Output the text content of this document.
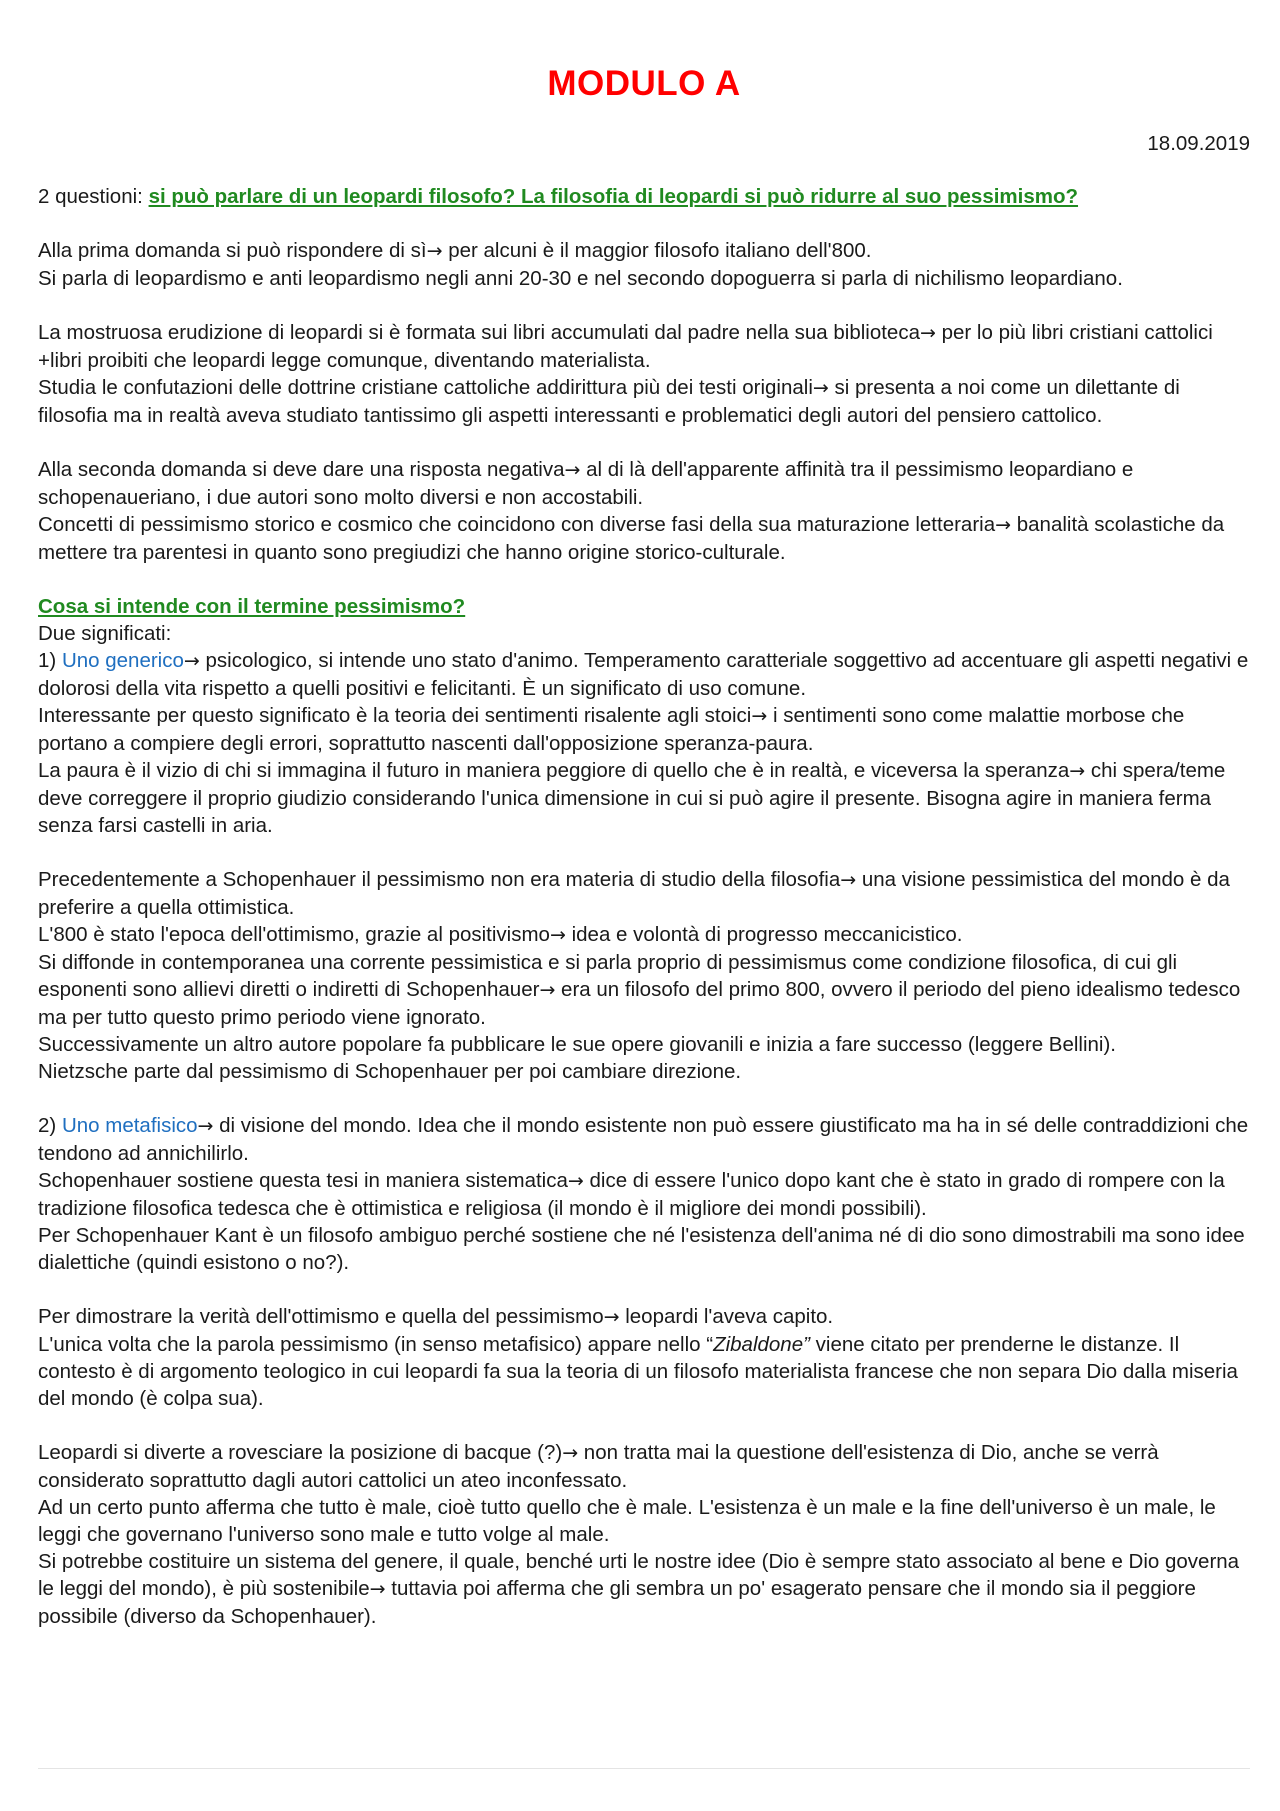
MODULO A
18.09.2019

2 questioni: si può parlare di un leopardi filosofo? La filosofia di leopardi si può ridurre al suo pessimismo?

Alla prima domanda si può rispondere di sì→ per alcuni è il maggior filosofo italiano dell'800.

Si parla di leopardismo e anti leopardismo negli anni 20-30 e nel secondo dopoguerra si parla di nichilismo leopardiano.

La mostruosa erudizione di leopardi si è formata sui libri accumulati dal padre nella sua biblioteca→ per lo più libri cristiani cattolici +libri proibiti che leopardi legge comunque, diventando materialista.

Studia le confutazioni delle dottrine cristiane cattoliche addirittura più dei testi originali→ si presenta a noi come un dilettante di filosofia ma in realtà aveva studiato tantissimo gli aspetti interessanti e problematici degli autori del pensiero cattolico.

Alla seconda domanda si deve dare una risposta negativa→ al di là dell'apparente affinità tra il pessimismo leopardiano e schopenaueriano, i due autori sono molto diversi e non accostabili.

Concetti di pessimismo storico e cosmico che coincidono con diverse fasi della sua maturazione letteraria→ banalità scolastiche da mettere tra parentesi in quanto sono pregiudizi che hanno origine storico-culturale.

Cosa si intende con il termine pessimismo?

Due significati:

1) Uno generico→ psicologico, si intende uno stato d'animo. Temperamento caratteriale soggettivo ad accentuare gli aspetti negativi e dolorosi della vita rispetto a quelli positivi e felicitanti. È un significato di uso comune.

Interessante per questo significato è la teoria dei sentimenti risalente agli stoici→ i sentimenti sono come malattie morbose che portano a compiere degli errori, soprattutto nascenti dall'opposizione speranza-paura.

La paura è il vizio di chi si immagina il futuro in maniera peggiore di quello che è in realtà, e viceversa la speranza→ chi spera/teme deve correggere il proprio giudizio considerando l'unica dimensione in cui si può agire il presente. Bisogna agire in maniera ferma senza farsi castelli in aria.

Precedentemente a Schopenhauer il pessimismo non era materia di studio della filosofia→ una visione pessimistica del mondo è da preferire a quella ottimistica.

L'800 è stato l'epoca dell'ottimismo, grazie al positivismo→ idea e volontà di progresso meccanicistico.

Si diffonde in contemporanea una corrente pessimistica e si parla proprio di pessimismus come condizione filosofica, di cui gli esponenti sono allievi diretti o indiretti di Schopenhauer→ era un filosofo del primo 800, ovvero il periodo del pieno idealismo tedesco ma per tutto questo primo periodo viene ignorato.

Successivamente un altro autore popolare fa pubblicare le sue opere giovanili e inizia a fare successo (leggere Bellini).

Nietzsche parte dal pessimismo di Schopenhauer per poi cambiare direzione.

2) Uno metafisico→ di visione del mondo. Idea che il mondo esistente non può essere giustificato ma ha in sé delle contraddizioni che tendono ad annichilirlo.

Schopenhauer sostiene questa tesi in maniera sistematica→ dice di essere l'unico dopo kant che è stato in grado di rompere con la tradizione filosofica tedesca che è ottimistica e religiosa (il mondo è il migliore dei mondi possibili).

Per Schopenhauer Kant è un filosofo ambiguo perché sostiene che né l'esistenza dell'anima né di dio sono dimostrabili ma sono idee dialettiche (quindi esistono o no?).

Per dimostrare la verità dell'ottimismo e quella del pessimismo→ leopardi l'aveva capito.

L'unica volta che la parola pessimismo (in senso metafisico) appare nello “Zibaldone” viene citato per prenderne le distanze. Il contesto è di argomento teologico in cui leopardi fa sua la teoria di un filosofo materialista francese che non separa Dio dalla miseria del mondo (è colpa sua).

Leopardi si diverte a rovesciare la posizione di bacque (?)→ non tratta mai la questione dell'esistenza di Dio, anche se verrà considerato soprattutto dagli autori cattolici un ateo inconfessato.

Ad un certo punto afferma che tutto è male, cioè tutto quello che è male. L'esistenza è un male e la fine dell'universo è un male, le leggi che governano l'universo sono male e tutto volge al male.

Si potrebbe costituire un sistema del genere, il quale, benché urti le nostre idee (Dio è sempre stato associato al bene e Dio governa le leggi del mondo), è più sostenibile→ tuttavia poi afferma che gli sembra un po' esagerato pensare che il mondo sia il peggiore possibile (diverso da Schopenhauer).
